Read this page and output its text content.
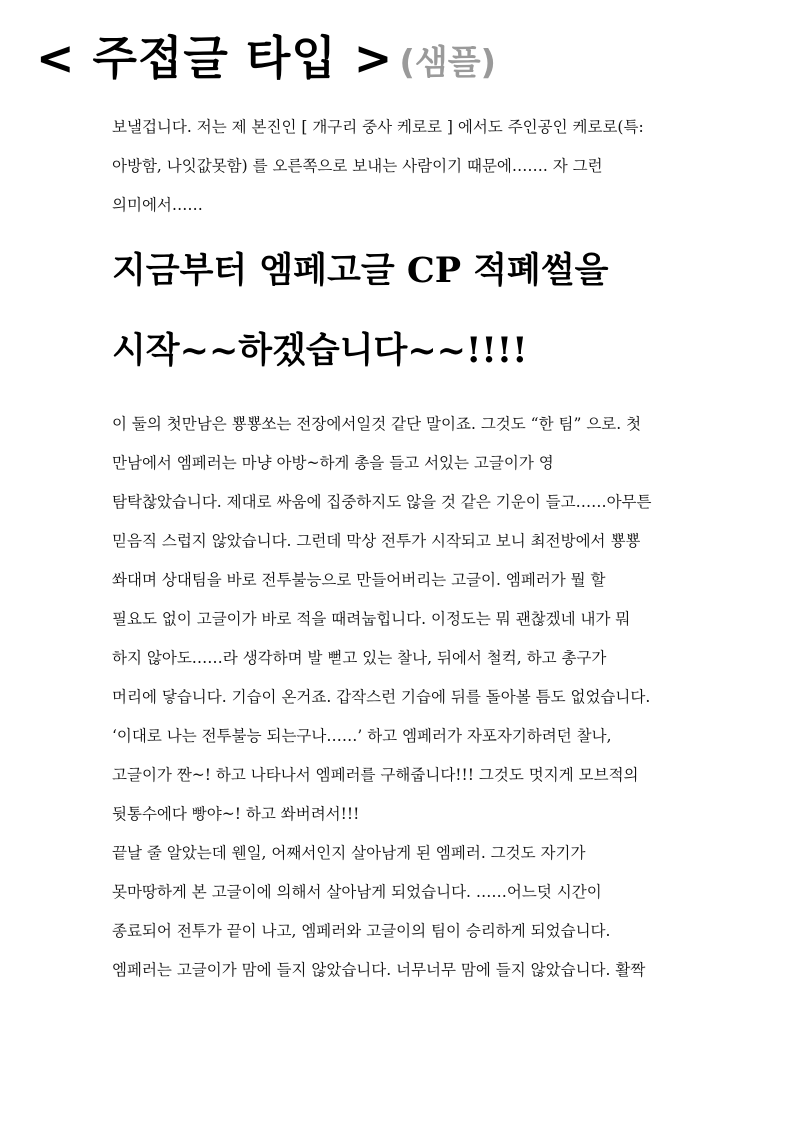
< 주접글 타입 > (샘플)
보낼겁니다. 저는 제 본진인 [ 개구리 중사 케로로 ] 에서도 주인공인 케로로(특:
아방함, 나잇값못함) 를 오른쪽으로 보내는 사람이기 때문에……. 자 그런
의미에서……
지금부터 엠페고글 CP 적폐썰을
시작~~하겠습니다~~!!!!
이 둘의 첫만남은 뿅뿅쏘는 전장에서일것 같단 말이죠. 그것도 “한 팀” 으로. 첫
만남에서 엠페러는 마냥 아방~하게 총을 들고 서있는 고글이가 영
탐탁찮았습니다. 제대로 싸움에 집중하지도 않을 것 같은 기운이 들고……아무튼
믿음직 스럽지 않았습니다. 그런데 막상 전투가 시작되고 보니 최전방에서 뿅뿅
쏴대며 상대팀을 바로 전투불능으로 만들어버리는 고글이. 엠페러가 뭘 할
필요도 없이 고글이가 바로 적을 때려눕힙니다. 이정도는 뭐 괜찮겠네 내가 뭐
하지 않아도……라 생각하며 발 뻗고 있는 찰나, 뒤에서 철컥, 하고 총구가
머리에 닿습니다. 기습이 온거죠. 갑작스런 기습에 뒤를 돌아볼 틈도 없었습니다.
‘이대로 나는 전투불능 되는구나……’ 하고 엠페러가 자포자기하려던 찰나,
고글이가 짠~! 하고 나타나서 엠페러를 구해줍니다!!! 그것도 멋지게 모브적의
뒷통수에다 빵야~! 하고 쏴버려서!!!
끝날 줄 알았는데 웬일, 어째서인지 살아남게 된 엠페러. 그것도 자기가
못마땅하게 본 고글이에 의해서 살아남게 되었습니다. ……어느덧 시간이
종료되어 전투가 끝이 나고, 엠페러와 고글이의 팀이 승리하게 되었습니다.
엠페러는 고글이가 맘에 들지 않았습니다. 너무너무 맘에 들지 않았습니다. 활짝
